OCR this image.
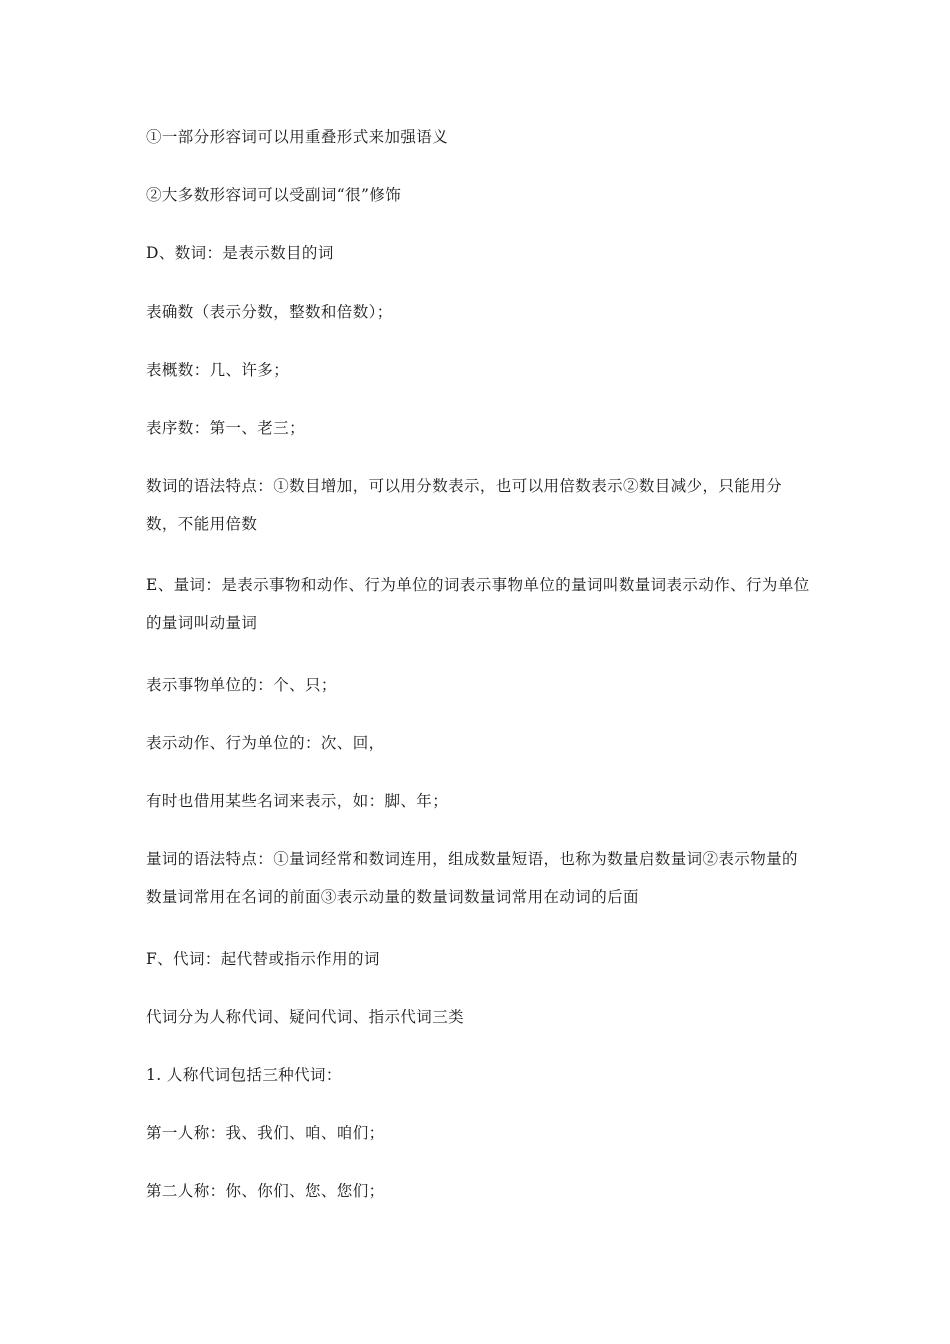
①一部分形容词可以用重叠形式来加强语义

②大多数形容词可以受副词“很”修饰

D、数词：是表示数目的词

表确数（表示分数，整数和倍数）；

表概数：几、许多；

表序数：第一、老三；

数词的语法特点：①数目增加，可以用分数表示，也可以用倍数表示②数目减少，只能用分数，不能用倍数

E、量词：是表示事物和动作、行为单位的词表示事物单位的量词叫数量词表示动作、行为单位的量词叫动量词

表示事物单位的：个、只；

表示动作、行为单位的：次、回，

有时也借用某些名词来表示，如：脚、年；

量词的语法特点：①量词经常和数词连用，组成数量短语，也称为数量启数量词②表示物量的数量词常用在名词的前面③表示动量的数量词数量词常用在动词的后面

F、代词：起代替或指示作用的词

代词分为人称代词、疑问代词、指示代词三类

1. 人称代词包括三种代词：

第一人称：我、我们、咱、咱们；

第二人称：你、你们、您、您们；
